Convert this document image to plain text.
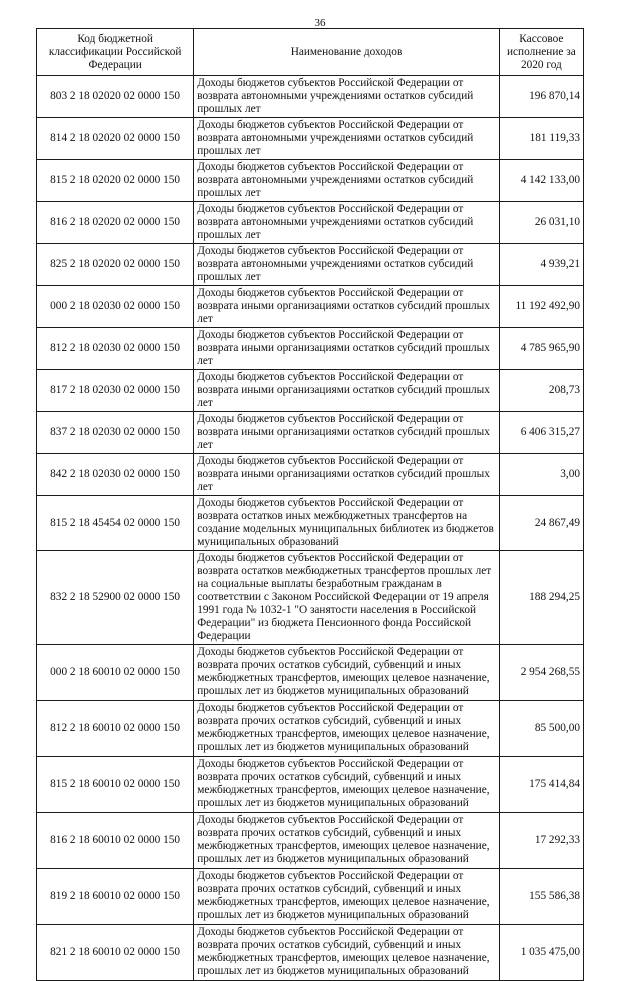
36
Код бюджетной классификации Российской Федерации	Наименование доходов	Кассовое исполнение за 2020 год
803 2 18 02020 02 0000 150	Доходы бюджетов субъектов Российской Федерации от возврата автономными учреждениями остатков субсидий прошлых лет	196 870,14
814 2 18 02020 02 0000 150	Доходы бюджетов субъектов Российской Федерации от возврата автономными учреждениями остатков субсидий прошлых лет	181 119,33
815 2 18 02020 02 0000 150	Доходы бюджетов субъектов Российской Федерации от возврата автономными учреждениями остатков субсидий прошлых лет	4 142 133,00
816 2 18 02020 02 0000 150	Доходы бюджетов субъектов Российской Федерации от возврата автономными учреждениями остатков субсидий прошлых лет	26 031,10
825 2 18 02020 02 0000 150	Доходы бюджетов субъектов Российской Федерации от возврата автономными учреждениями остатков субсидий прошлых лет	4 939,21
000 2 18 02030 02 0000 150	Доходы бюджетов субъектов Российской Федерации от возврата иными организациями остатков субсидий прошлых лет	11 192 492,90
812 2 18 02030 02 0000 150	Доходы бюджетов субъектов Российской Федерации от возврата иными организациями остатков субсидий прошлых лет	4 785 965,90
817 2 18 02030 02 0000 150	Доходы бюджетов субъектов Российской Федерации от возврата иными организациями остатков субсидий прошлых лет	208,73
837 2 18 02030 02 0000 150	Доходы бюджетов субъектов Российской Федерации от возврата иными организациями остатков субсидий прошлых лет	6 406 315,27
842 2 18 02030 02 0000 150	Доходы бюджетов субъектов Российской Федерации от возврата иными организациями остатков субсидий прошлых лет	3,00
815 2 18 45454 02 0000 150	Доходы бюджетов субъектов Российской Федерации от возврата остатков иных межбюджетных трансфертов на создание модельных муниципальных библиотек из бюджетов муниципальных образований	24 867,49
832 2 18 52900 02 0000 150	Доходы бюджетов субъектов Российской Федерации от возврата остатков межбюджетных трансфертов прошлых лет на социальные выплаты безработным гражданам в соответствии с Законом Российской Федерации от 19 апреля 1991 года № 1032-1 "О занятости населения в Российской Федерации" из бюджета Пенсионного фонда Российской Федерации	188 294,25
000 2 18 60010 02 0000 150	Доходы бюджетов субъектов Российской Федерации от возврата прочих остатков субсидий, субвенций и иных межбюджетных трансфертов, имеющих целевое назначение, прошлых лет из бюджетов муниципальных образований	2 954 268,55
812 2 18 60010 02 0000 150	Доходы бюджетов субъектов Российской Федерации от возврата прочих остатков субсидий, субвенций и иных межбюджетных трансфертов, имеющих целевое назначение, прошлых лет из бюджетов муниципальных образований	85 500,00
815 2 18 60010 02 0000 150	Доходы бюджетов субъектов Российской Федерации от возврата прочих остатков субсидий, субвенций и иных межбюджетных трансфертов, имеющих целевое назначение, прошлых лет из бюджетов муниципальных образований	175 414,84
816 2 18 60010 02 0000 150	Доходы бюджетов субъектов Российской Федерации от возврата прочих остатков субсидий, субвенций и иных межбюджетных трансфертов, имеющих целевое назначение, прошлых лет из бюджетов муниципальных образований	17 292,33
819 2 18 60010 02 0000 150	Доходы бюджетов субъектов Российской Федерации от возврата прочих остатков субсидий, субвенций и иных межбюджетных трансфертов, имеющих целевое назначение, прошлых лет из бюджетов муниципальных образований	155 586,38
821 2 18 60010 02 0000 150	Доходы бюджетов субъектов Российской Федерации от возврата прочих остатков субсидий, субвенций и иных межбюджетных трансфертов, имеющих целевое назначение, прошлых лет из бюджетов муниципальных образований	1 035 475,00
